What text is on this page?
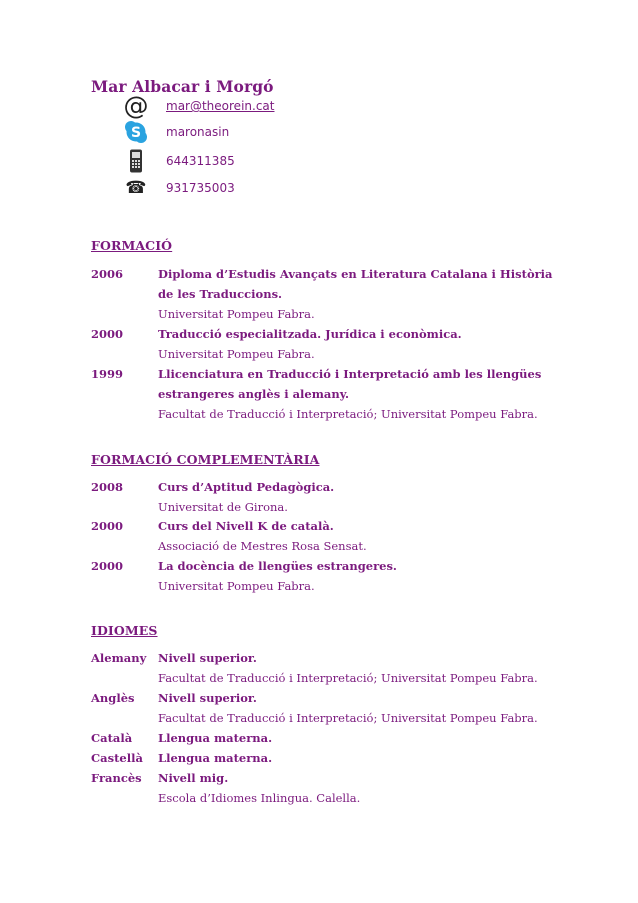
Mar Albacar i Morgó
@ mar@theorein.cat
S maronasin
644311385
☎ 931735003
FORMACIÓ
2006	Diploma d’Estudis Avançats en Literatura Catalana i Història
de les Traduccions.
Universitat Pompeu Fabra.
2000	Traducció especialitzada. Jurídica i econòmica.
Universitat Pompeu Fabra.
1999	Llicenciatura en Traducció i Interpretació amb les llengües
estrangeres anglès i alemany.
Facultat de Traducció i Interpretació; Universitat Pompeu Fabra.
FORMACIÓ COMPLEMENTÀRIA
2008	Curs d’Aptitud Pedagògica.
Universitat de Girona.
2000	Curs del Nivell K de català.
Associació de Mestres Rosa Sensat.
2000	La docència de llengües estrangeres.
Universitat Pompeu Fabra.
IDIOMES
Alemany Nivell superior.
Facultat de Traducció i Interpretació; Universitat Pompeu Fabra.
Anglès Nivell superior.
Facultat de Traducció i Interpretació; Universitat Pompeu Fabra.
Català Llengua materna.
Castellà Llengua materna.
Francès Nivell mig.
Escola d’Idiomes Inlingua. Calella.
